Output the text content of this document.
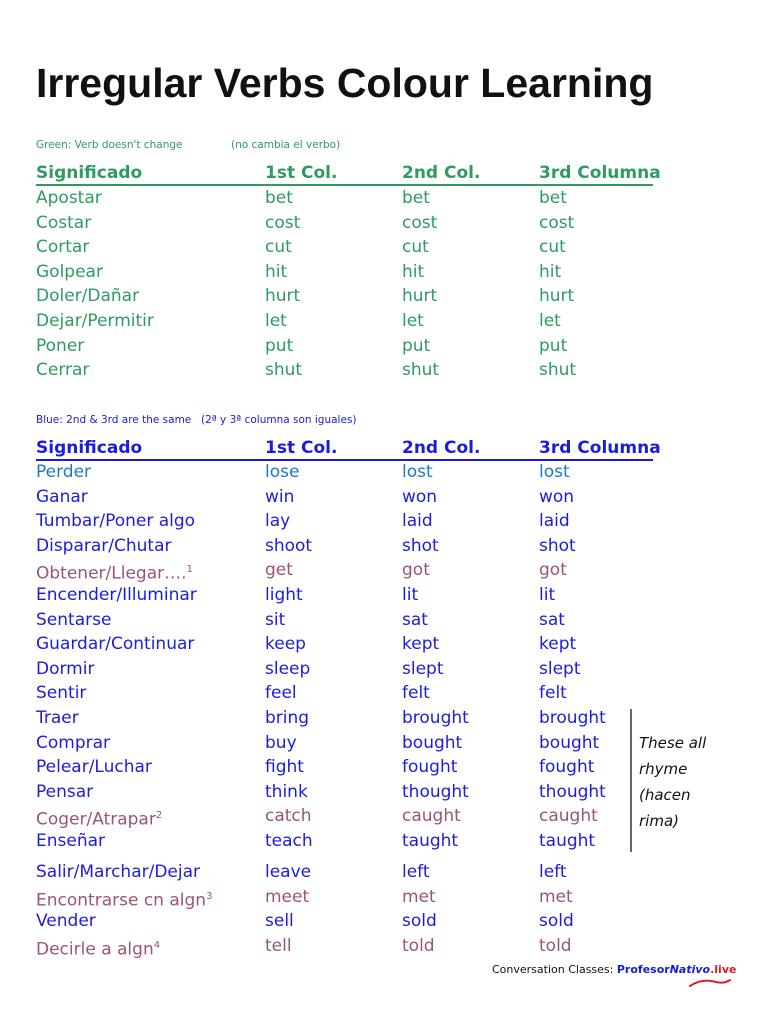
Irregular Verbs Colour Learning
Green: Verb doesn't change	(no cambia el verbo)
Significado	1st Col.	2nd Col.	3rd Columna
Apostar	bet	bet	bet
Costar	cost	cost	cost
Cortar	cut	cut	cut
Golpear	hit	hit	hit
Doler/Dañar	hurt	hurt	hurt
Dejar/Permitir	let	let	let
Poner	put	put	put
Cerrar	shut	shut	shut
Blue: 2nd & 3rd are the same (2ª y 3ª columna son iguales)
Significado	1st Col.	2nd Col.	3rd Columna
Perder	lose	lost	lost
Ganar	win	won	won
Tumbar/Poner algo	lay	laid	laid
Disparar/Chutar	shoot	shot	shot
Obtener/Llegar….$^1$	get	got	got
Encender/Illuminar	light	lit	lit
Sentarse	sit	sat	sat
Guardar/Continuar	keep	kept	kept
Dormir	sleep	slept	slept
Sentir	feel	felt	felt
Traer	bring	brought	brought
Comprar	buy	bought	bought
Pelear/Luchar	fight	fought	fought
Pensar	think	thought	thought
Coger/Atrapar$^2$	catch	caught	caught
Enseñar	teach	taught	taught
Salir/Marchar/Dejar	leave	left	left
Encontrarse cn algn$^3$	meet	met	met
Vender	sell	sold	sold
Decirle a algn$^4$	tell	told	told
These all rhyme (hacen rima)
Conversation Classes: ProfesorNativo.live
